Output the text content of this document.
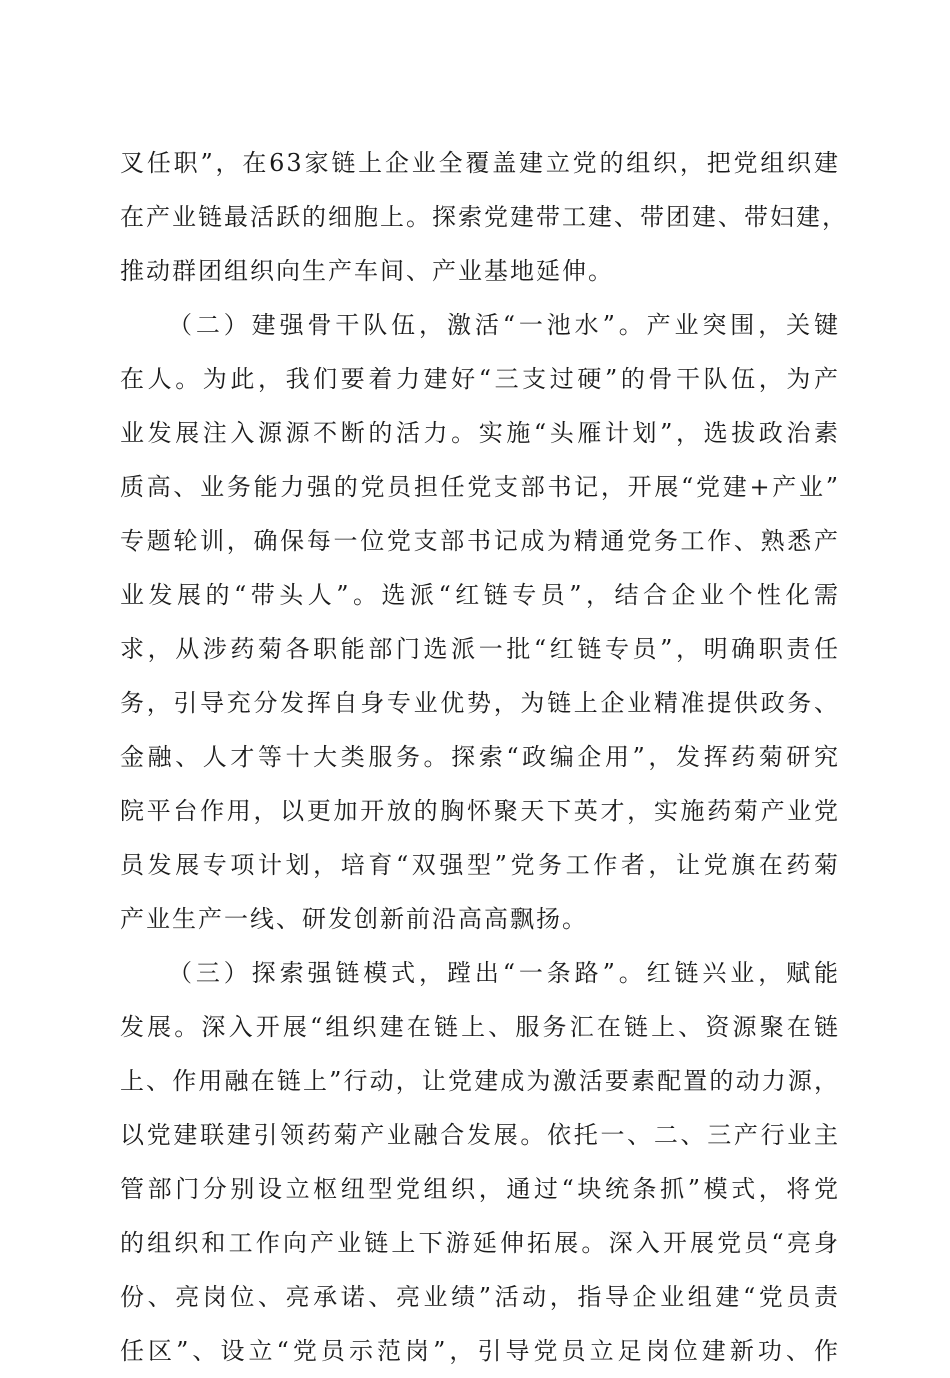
叉任职”，在63家链上企业全覆盖建立党的组织，把党组织建
在产业链最活跃的细胞上。探索党建带工建、带团建、带妇建，
推动群团组织向生产车间、产业基地延伸。
（二）建强骨干队伍，激活“一池水”。产业突围，关键
在人。为此，我们要着力建好“三支过硬”的骨干队伍，为产
业发展注入源源不断的活力。实施“头雁计划”，选拔政治素
质高、业务能力强的党员担任党支部书记，开展“党建+产业”
专题轮训，确保每一位党支部书记成为精通党务工作、熟悉产
业发展的“带头人”。选派“红链专员”，结合企业个性化需
求，从涉药菊各职能部门选派一批“红链专员”，明确职责任
务，引导充分发挥自身专业优势，为链上企业精准提供政务、
金融、人才等十大类服务。探索“政编企用”，发挥药菊研究
院平台作用，以更加开放的胸怀聚天下英才，实施药菊产业党
员发展专项计划，培育“双强型”党务工作者，让党旗在药菊
产业生产一线、研发创新前沿高高飘扬。
（三）探索强链模式，蹚出“一条路”。红链兴业，赋能
发展。深入开展“组织建在链上、服务汇在链上、资源聚在链
上、作用融在链上”行动，让党建成为激活要素配置的动力源，
以党建联建引领药菊产业融合发展。依托一、二、三产行业主
管部门分别设立枢纽型党组织，通过“块统条抓”模式，将党
的组织和工作向产业链上下游延伸拓展。深入开展党员“亮身
份、亮岗位、亮承诺、亮业绩”活动，指导企业组建“党员责
任区”、设立“党员示范岗”，引导党员立足岗位建新功、作
